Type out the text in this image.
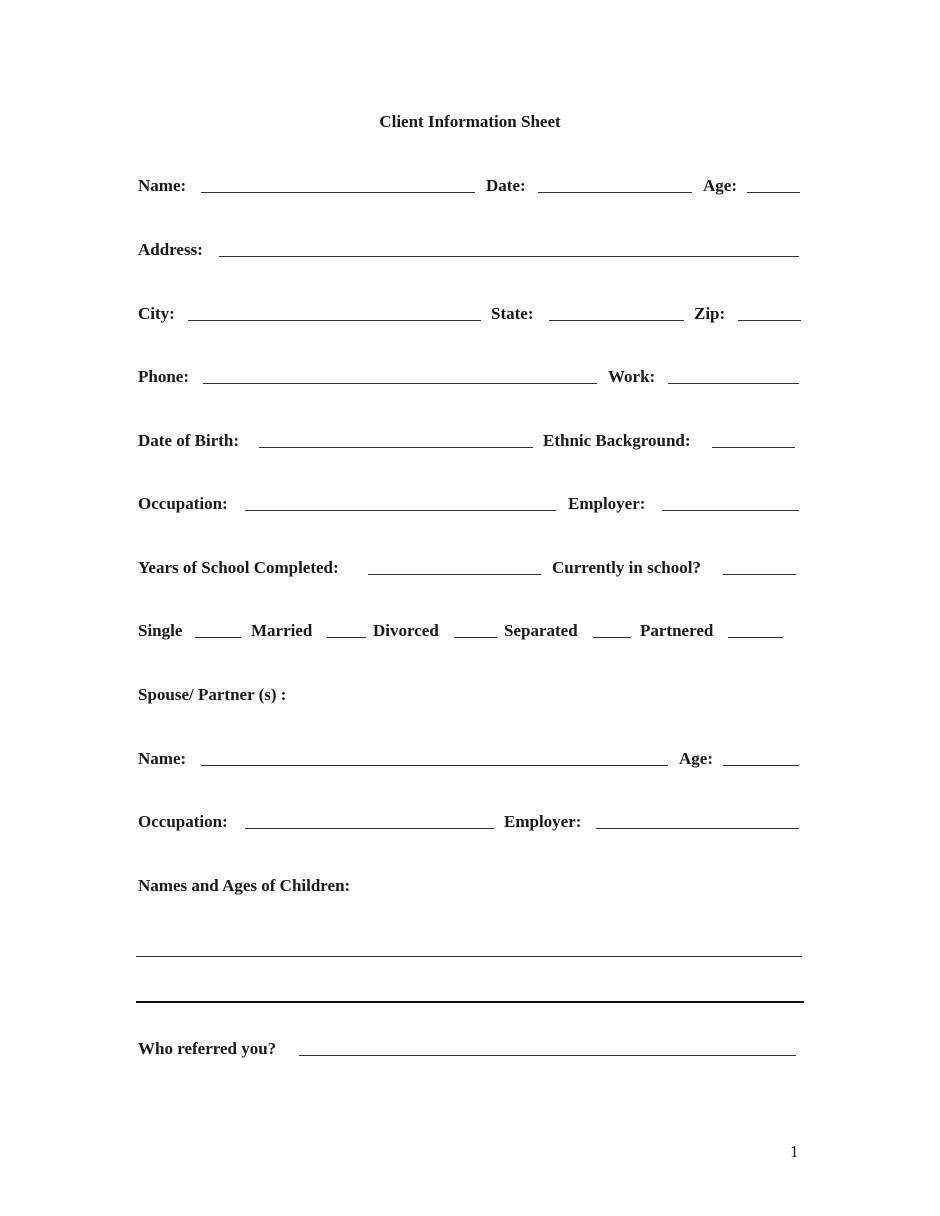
Client Information Sheet
Name:	Date:	Age:
Address:
City:	State:	Zip:
Phone:	Work:
Date of Birth:	Ethnic Background:
Occupation:	Employer:
Years of School Completed:	Currently in school?
Single	Married	Divorced	Separated	Partnered
Spouse/ Partner (s) :
Name:	Age:
Occupation:	Employer:
Names and Ages of Children:
Who referred you?
1
